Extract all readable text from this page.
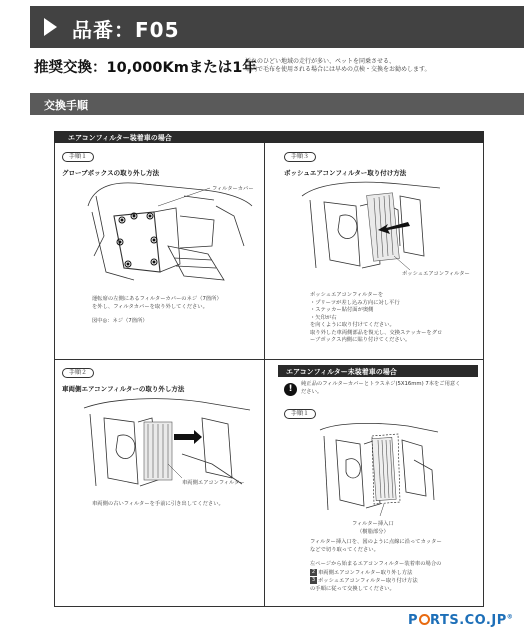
品番：F05
推奨交換：10,000Kmまたは1年
汚れのひどい地域の走行が多い、ペットを同乗させる、
車内で毛布を使用される場合には早めの点検・交換をお勧めします。
交換手順
エアコンフィルター装着車の場合
手順１
グローブボックスの取り外し方法
フィルターカバー
運転席の左側にあるフィルターカバーのネジ（7箇所）
を外し、フィルタカバーを取り外してください。
図中◎：ネジ（7箇所）
手順３
ボッシュエアコンフィルター取り付け方法
ボッシュエアコンフィルター
ボッシュエアコンフィルターを
・プリーツが差し込み方向に対し平行
・ステッカー貼付面が奥側
・矢印が右
を向くように取り付けてください。
取り外した車両側部品を復元し、交換ステッカーをグロ
ーブボックス内側に貼り付けてください。
手順２
車両側エアコンフィルターの取り外し方法
車両側エアコンフィルター
車両側の古いフィルターを手前に引き出してください。
エアコンフィルター未装着車の場合
!	純正品のフィルターカバーとトラスネジ(5X16mm) 7本をご用意く
ださい。
手順１
フィルター挿入口
（樹脂部分）
フィルター挿入口を、図のように点線に沿ってカッター
などで切り取ってください。
左ページから始まるエアコンフィルター装着車の場合の
2 車両側エアコンフィルター取り外し方法
3 ボッシュエアコンフィルター取り付け方法
の手順に従って交換してください。
P RTS.CO.JP®
